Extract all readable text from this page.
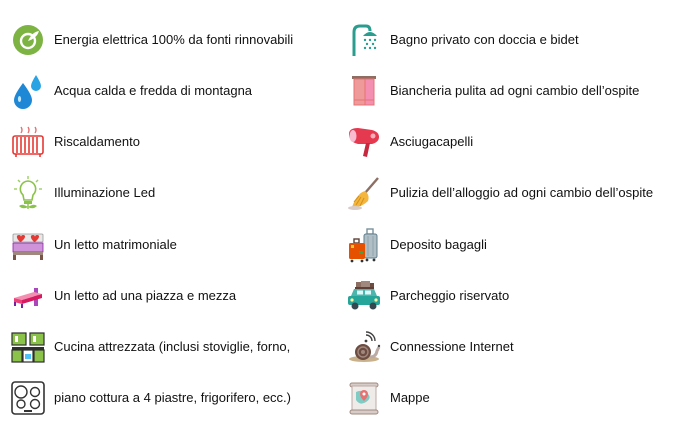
Energia elettrica 100% da fonti rinnovabili
Acqua calda e fredda di montagna
Riscaldamento
Illuminazione Led
Un letto matrimoniale
Un letto ad una piazza e mezza
Cucina attrezzata (inclusi stoviglie, forno,
piano cottura a 4 piastre, frigorifero, ecc.)
Bagno privato con doccia e bidet
Biancheria pulita ad ogni cambio dell’ospite
Asciugacapelli
Pulizia dell’alloggio ad ogni cambio dell’ospite
Deposito bagagli
Parcheggio riservato
Connessione Internet
Mappe
